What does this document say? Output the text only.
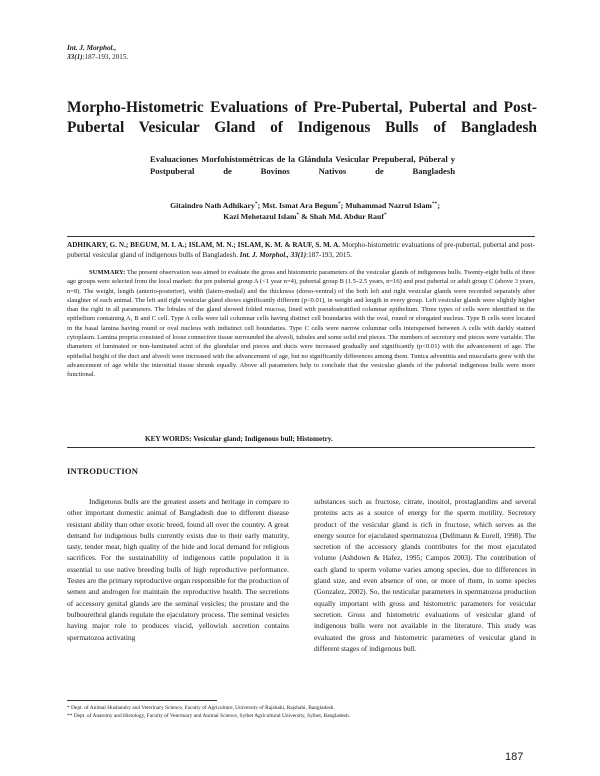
Int. J. Morphol.,
33(1):187-193, 2015.
Morpho-Histometric Evaluations of Pre-Pubertal, Pubertal and Post-Pubertal Vesicular Gland of Indigenous Bulls of Bangladesh
Evaluaciones Morfohistométricas de la Glándula Vesicular Prepuberal, Púberal y Postpuberal de Bovinos Nativos de Bangladesh
Gitaindro Nath Adhikary*; Mst. Ismat Ara Begum*; Muhammad Nazrul Islam**;
Kazi Mehetazul Islam* & Shah Md. Abdur Rauf*
ADHIKARY, G. N.; BEGUM, M. I. A.; ISLAM, M. N.; ISLAM, K. M. & RAUF, S. M. A. Morpho-histometric evaluations of pre-pubertal, pubertal and post-pubertal vesicular gland of indigenous bulls of Bangladesh. Int. J. Morphol., 33(1):187-193, 2015.

SUMMARY: The present observation was aimed to evaluate the gross and histometric parameters of the vesicular glands of indigenous bulls. Twenty-eight bulls of three age groups were selected from the local market: the pre pubertal group A (<1 year n=4), pubertal group B (1.5–2.5 years, n=16) and post pubertal or adult group C (above 3 years, n=8). The weight, length (anterio-posterior), width (latero-medial) and the thickness (dorso-ventral) of the both left and right vesicular glands were recorded separately after slaughter of each animal. The left and right vesicular gland shows significantly different (p<0.01), in weight and length in every group. Left vesicular glands were slightly higher than the right in all parameters. The lobules of the gland showed folded mucosa, lined with pseudostratified columnar epithelium. Three types of cells were identified in the epithelium containing A, B and C cell. Type A cells were tall columnar cells having distinct cell boundaries with the oval, round or elongated nucleus. Type B cells were located in the basal lamina having round or oval nucleus with indistinct cell boundaries. Type C cells were narrow columnar cells interspersed between A cells with darkly stained cytoplasm. Lamina propria consisted of loose connective tissue surrounded the alveoli, tubules and some solid end pieces. The numbers of secretory end pieces were variable. The diameters of luminated or non-luminated acini of the glandular end pieces and ducts were increased gradually and significantly (p<0.01) with the advancement of age. The epithelial height of the duct and alveoli were increased with the advancement of age, but no significantly differences among them. Tunica adventitia and muscularis grew with the advancement of age while the intersitial tissue shrunk equally. Above all parameters help to conclude that the vesicular glands of the pubertal indigenous bulls were more functional.

KEY WORDS: Vesicular gland; Indigenous bull; Histometry.
INTRODUCTION

Indigenous bulls are the greatest assets and heritage in compare to other important domestic animal of Bangladesh due to different disease resistant ability than other exotic breed, found all over the country. A great demand for indigenous bulls currently exists due to their early maturity, tasty, tender meat, high quality of the hide and local demand for religious sacrifices. For the sustainability of indigenous cattle population it is essential to use native breeding bulls of high reproductive performance. Testes are the primary reproductive organ responsible for the production of semen and androgen for maintain the reproductive health. The secretions of accessory genital glands are the seminal vesicles; the prostate and the bulbourethral glands regulate the ejaculatory process. The seminal vesicles having major role to produces viscid, yellowish secretion contains spermatozoa activating

substances such as fructose, citrate, inositol, prostaglandins and several proteins acts as a source of energy for the sperm motility. Secretory product of the vesicular gland is rich in fructose, which serves as the energy source for ejaculated spermatozoa (Dellmann & Eurell, 1998). The secretion of the accessory glands contributes for the most ejaculated volume (Ashdown & Hafez, 1995; Campos 2003). The contribution of each gland to sperm volume varies among species, due to differences in gland size, and even absence of one, or more of them, in some species (Gonzalez, 2002). So, the testicular parameters in spermatozoa production equally important with gross and histometric parameters for vesicular secretion. Gross and histometric evaluations of vesicular gland of indigenous bulls were not available in the literature. This study was evaluated the gross and histometric parameters of vesicular gland in different stages of indigenous bull.

* Dept. of Animal Husbandry and Veterinary Science, Faculty of Agriculture, University of Rajshahi, Rajshahi, Bangladesh.
** Dept. of Anatomy and Histology, Faculty of Veterinary and Animal Science, Sylhet Agricultural University, Sylhet, Bangladesh.
187
